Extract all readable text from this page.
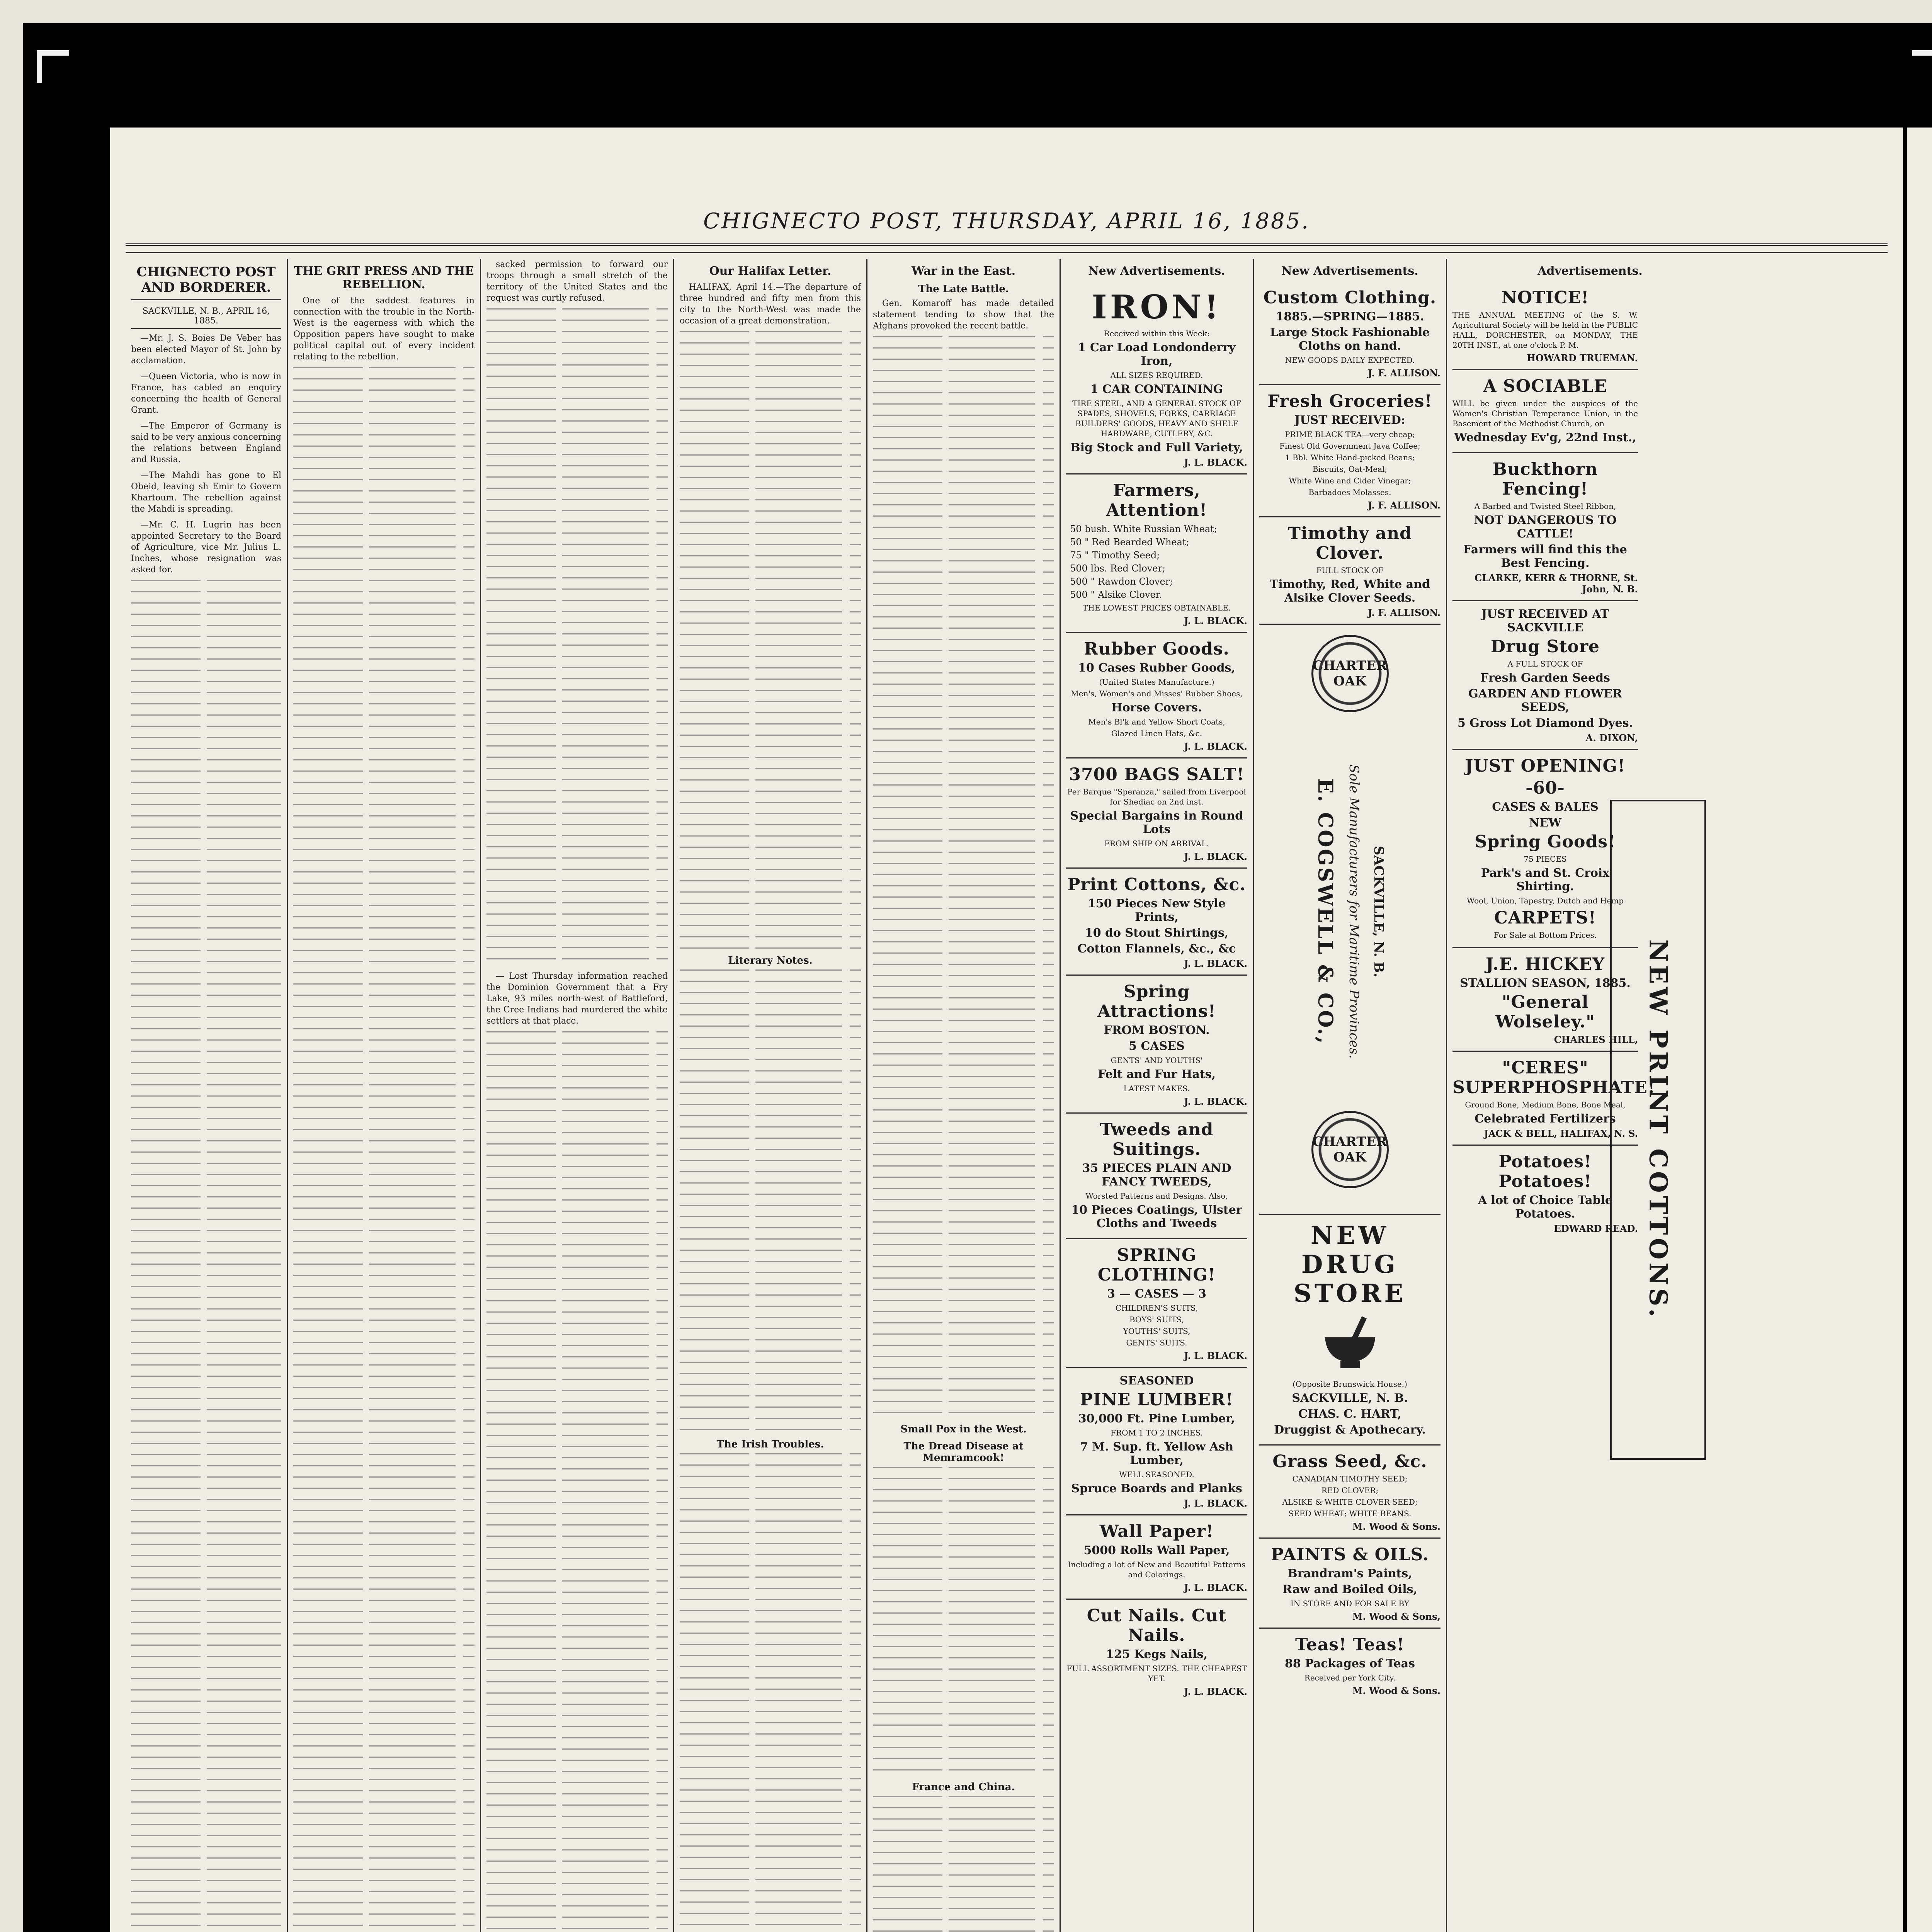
CHIGNECTO POST, THURSDAY, APRIL 16, 1885.
CHIGNECTO POST AND BORDERER.
SACKVILLE, N. B., APRIL 16, 1885.

—Mr. J. S. Boies De Veber has been elected Mayor of St. John by acclamation.

—Queen Victoria, who is now in France, has cabled an enquiry concerning the health of General Grant.

—The Emperor of Germany is said to be very anxious concerning the relations between England and Russia.

—The Mahdi has gone to El Obeid, leaving sh Emir to Govern Khartoum. The rebellion against the Mahdi is spreading.

—Mr. C. H. Lugrin has been appointed Secretary to the Board of Agriculture, vice Mr. Julius L. Inches, whose resignation was asked for.

THE GRIT PRESS AND THE REBELLION.

One of the saddest features in connection with the trouble in the North-West is the eagerness with which the Opposition papers have sought to make political capital out of every incident relating to the rebellion.

sacked permission to forward our troops through a small stretch of the territory of the United States and the request was curtly refused.

— Lost Thursday information reached the Dominion Government that a Fry Lake, 93 miles north-west of Battleford, the Cree Indians had murdered the white settlers at that place.

Our Halifax Letter.

HALIFAX, April 14.—The departure of three hundred and fifty men from this city to the North-West was made the occasion of a great demonstration.

Literary Notes.
The Irish Troubles.
War in the East.
The Late Battle.

Gen. Komaroff has made detailed statement tending to show that the Afghans provoked the recent battle.

Small Pox in the West.
The Dread Disease at Memramcook!
France and China.
New Advertisements.
IRON!

Received within this Week:

1 Car Load Londonderry Iron,

ALL SIZES REQUIRED.

1 CAR CONTAINING

TIRE STEEL, AND A GENERAL STOCK OF SPADES, SHOVELS, FORKS, CARRIAGE BUILDERS' GOODS, HEAVY AND SHELF HARDWARE, CUTLERY, &C.

Big Stock and Full Variety,
J. L. BLACK.
Farmers, Attention!
50 bush. White Russian Wheat;
50 " Red Bearded Wheat;
75 " Timothy Seed;
500 lbs. Red Clover;
500 " Rawdon Clover;
500 " Alsike Clover.

THE LOWEST PRICES OBTAINABLE.

J. L. BLACK.
Rubber Goods.
10 Cases Rubber Goods,

(United States Manufacture.)

Men's, Women's and Misses' Rubber Shoes,

Horse Covers.

Men's Bl'k and Yellow Short Coats,

Glazed Linen Hats, &c.

J. L. BLACK.
3700 BAGS SALT!

Per Barque "Speranza," sailed from Liverpool for Shediac on 2nd inst.

Special Bargains in Round Lots

FROM SHIP ON ARRIVAL.

J. L. BLACK.
Print Cottons, &c.
150 Pieces New Style Prints,
10 do Stout Shirtings,
Cotton Flannels, &c., &c
J. L. BLACK.
Spring Attractions!
FROM BOSTON.
5 CASES

GENTS' AND YOUTHS'

Felt and Fur Hats,

LATEST MAKES.

J. L. BLACK.
Tweeds and Suitings.
35 PIECES PLAIN AND FANCY TWEEDS,

Worsted Patterns and Designs. Also,

10 Pieces Coatings, Ulster Cloths and Tweeds
SPRING CLOTHING!
3 — CASES — 3

CHILDREN'S SUITS,

BOYS' SUITS,

YOUTHS' SUITS,

GENTS' SUITS.

J. L. BLACK.
SEASONED
PINE LUMBER!
30,000 Ft. Pine Lumber,

FROM 1 TO 2 INCHES.

7 M. Sup. ft. Yellow Ash Lumber,

WELL SEASONED.

Spruce Boards and Planks
J. L. BLACK.
Wall Paper!
5000 Rolls Wall Paper,

Including a lot of New and Beautiful Patterns and Colorings.

J. L. BLACK.
Cut Nails. Cut Nails.
125 Kegs Nails,

FULL ASSORTMENT SIZES. THE CHEAPEST YET.

J. L. BLACK.
New Advertisements.
Custom Clothing.
1885.—SPRING—1885.
Large Stock Fashionable Cloths on hand.

NEW GOODS DAILY EXPECTED.

J. F. ALLISON.
Fresh Groceries!
JUST RECEIVED:

PRIME BLACK TEA—very cheap;

Finest Old Government Java Coffee;

1 Bbl. White Hand-picked Beans;

Biscuits, Oat-Meal;

White Wine and Cider Vinegar;

Barbadoes Molasses.

J. F. ALLISON.
Timothy and Clover.

FULL STOCK OF

Timothy, Red, White and Alsike Clover Seeds.
J. F. ALLISON.
CHARTER OAK
E. COGSWELL & CO., Sole Manufacturers for Maritime Provinces. SACKVILLE, N. B.
CHARTER OAK
NEW DRUG STORE

(Opposite Brunswick House.)

SACKVILLE, N. B.
CHAS. C. HART,
Druggist & Apothecary.
Grass Seed, &c.

CANADIAN TIMOTHY SEED;

RED CLOVER;

ALSIKE & WHITE CLOVER SEED;

SEED WHEAT; WHITE BEANS.

M. Wood & Sons.
PAINTS & OILS.
Brandram's Paints,
Raw and Boiled Oils,

IN STORE AND FOR SALE BY

M. Wood & Sons,
Teas! Teas!
88 Packages of Teas

Received per York City.

M. Wood & Sons.
Advertisements.
NOTICE!

THE ANNUAL MEETING of the S. W. Agricultural Society will be held in the PUBLIC HALL, DORCHESTER, on MONDAY, THE 20TH INST., at one o'clock P. M.

HOWARD TRUEMAN.
A SOCIABLE

WILL be given under the auspices of the Women's Christian Temperance Union, in the Basement of the Methodist Church, on

Wednesday Ev'g, 22nd Inst.,
Buckthorn Fencing!

A Barbed and Twisted Steel Ribbon,

NOT DANGEROUS TO CATTLE!
Farmers will find this the Best Fencing.
CLARKE, KERR & THORNE, St. John, N. B.
JUST RECEIVED AT SACKVILLE
Drug Store

A FULL STOCK OF

Fresh Garden Seeds
GARDEN AND FLOWER SEEDS,
5 Gross Lot Diamond Dyes.
A. DIXON,
JUST OPENING!
-60-
CASES & BALES
NEW
Spring Goods!

75 PIECES

Park's and St. Croix Shirting.

Wool, Union, Tapestry, Dutch and Hemp

CARPETS!

For Sale at Bottom Prices.

J.E. HICKEY
STALLION SEASON, 1885.
"General Wolseley."
CHARLES HILL,
"CERES" SUPERPHOSPHATE!

Ground Bone, Medium Bone, Bone Meal,

Celebrated Fertilizers
JACK & BELL, HALIFAX, N. S.
Potatoes! Potatoes!
A lot of Choice Table Potatoes.
EDWARD READ. NEW PRINT COTTONS.
